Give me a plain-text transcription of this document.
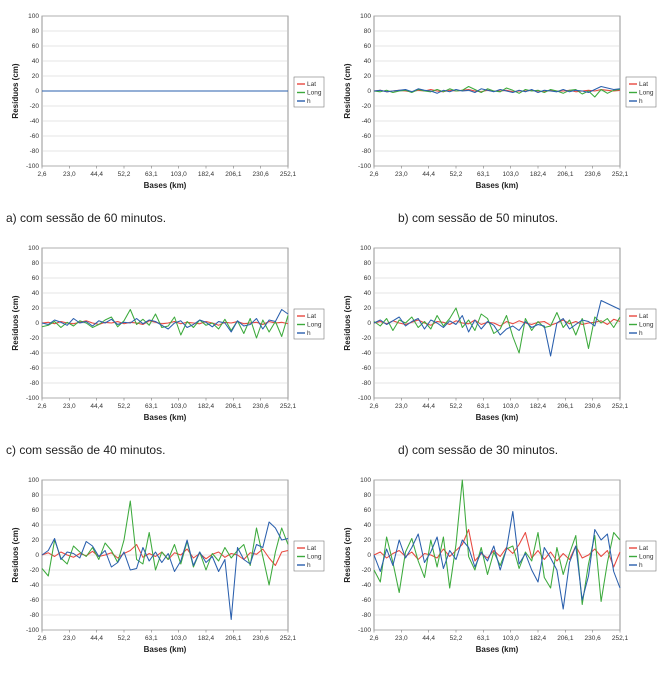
100
80
60
40
20
0
-20
-40
-60
-80
-100
2,6	23,0 44,4 52,2 63,1 103,0 182,4 206,1 230,6 252,1
Bases (km)
Resíduos (cm)	Lat
Long
h
100
80
60
40
20
0
-20
-40
-60
-80
-100
2,6	23,0 44,4 52,2 63,1 103,0 182,4 206,1 230,6 252,1
Bases (km)
Resíduos (cm)	Lat
Long
h
100
80
60
40
20
0
-20
-40
-60
-80
-100
2,6	23,0 44,4 52,2 63,1 103,0 182,4 206,1 230,6 252,1
Bases (km)
Resíduos (cm)	Lat
Long
h
100
80
60
40
20
0
-20
-40
-60
-80
-100
2,6	23,0 44,4 52,2 63,1 103,0 182,4 206,1 230,6 252,1
Bases (km)
Resíduos (cm)	Lat
Long
h
100
80
60
40
20
0
-20
-40
-60
-80
-100
2,6	23,0 44,4 52,2 63,1 103,0 182,4 206,1 230,6 252,1
Bases (km)
Resíduos (cm)	Lat
Long
h
100
80
60
40
20
0
-20
-40
-60
-80
-100
2,6	23,0 44,4 52,2 63,1 103,0 182,4 206,1 230,6 252,1
Bases (km)
Resíduos (cm)	Lat
Long
h
a) com sessão de 60 minutos.	b) com sessão de 50 minutos.
c) com sessão de 40 minutos.	d) com sessão de 30 minutos.
